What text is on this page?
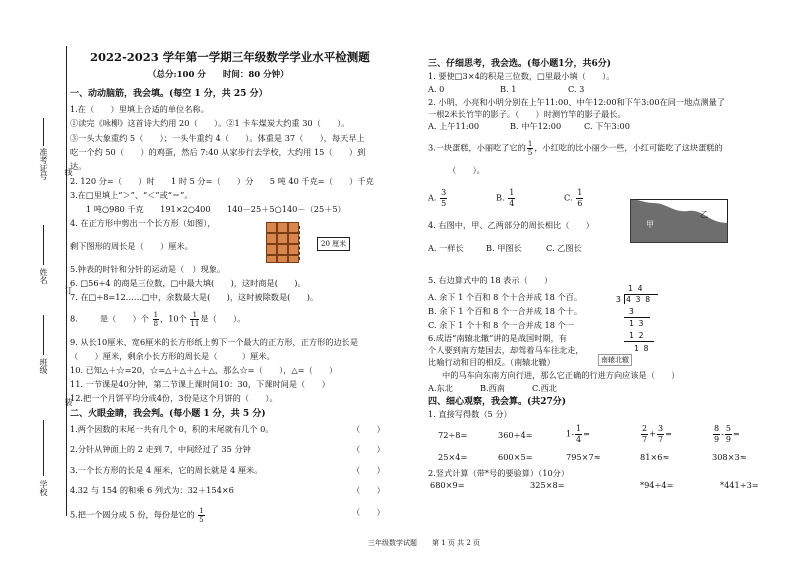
准考证号 线
姓名
订
班级
装
学校
2022-2023 学年第一学期三年级数学学业水平检测题
（总分:100 分　　时间：80 分钟）
一、动动脑筋，我会填。(每空 1 分，共 25 分）
1.在（　　）里填上合适的单位名称。
①读完《咏柳》这首诗大约用 20（　　）。②1 卡车煤炭大约重 30（　　）。
③一头大象重约 5（　　）；一头牛重约 4（　　）。体重是 37（　　），每天早上
吃一个约 50（　　）的鸡蛋，然后 7:40 从家步行去学校，大约用 15（　　）到
达。
2. 120 分=（　　）时　　1 时 5 分=（　　）分　　5 吨 40 千克=（　　）千克
3.在□里填上“＞”、“＜”或“＝”。
1 吨○980 千克　　191×2○400　　140－25＋5○140－（25＋5）
4. 在正方形中剪出一个长方形（如图），
剩下图形的周长是（　　）厘米。	20 厘米
5.钟表的时针和分针的运动是（　）现象。
6. □56÷4 的商是三位数，□中最大填(　　)，这时商是(　　)。
7. 在□÷8=12……□中，余数最大是(　　)，这时被除数是(　　)。
8.	是（　　）个 $\frac{1}{8}$ ，10个 $\frac{1}{11}$ 是（　　）。
9. 从长10厘米、宽6厘米的长方形纸上剪下一个最大的正方形，正方形的边长是
（　　）厘米，剩余小长方形的周长是（　　　）厘米。
10. 已知△＋☆=20，☆=△＋△＋△＋△，那么☆=（　　），△=（　　）
11. 一节课是40分钟，第二节课上课时间10：30，下课时间是（　　）
12.把一个月饼平均分成4份，3份是这个月饼的（　　）。
二、火眼金睛，我会判。(每小题 1 分，共 5 分)
1.两个因数的末尾一共有几个 0，积的末尾就有几个 0。	（　　）
2.分针从钟面上的 2 走到 7，中间经过了 35 分钟	（　　）
3.一个长方形的长是 4 厘米，它的周长就是 4 厘米。	（　　）
4.32 与 154 的和乘 6 列式为：32＋154×6	（　　）
5.把一个圆分成 5 份，每份是它的 $\frac{1}{5}$	（　　）
三、仔细思考，我会选。(每小题1分，共6分)
1. 要使□3×4的积是三位数，□里最小填（　　）。
A. 0	B. 1	C. 3
2. 小明，小亮和小明分别在上午11:00、中午12:00和下午3:00在同一地点测量了
一根2米长竹竿的影子。（　　）时测竹竿的影子最长。
A. 上午11:00	B. 中午12:00	C. 下午3:00
3.一块蛋糕，小丽吃了它的 $\frac{1}{5}$ ，小红吃的比小丽少一些，小红可能吃了这块蛋糕的
（　　）。
A. $\frac{3}{5}$	B. $\frac{1}{4}$	C. $\frac{1}{6}$
甲
乙
4. 右图中，甲、乙两部分的周长相比（　　）
A. 一样长	B. 甲图长	C. 乙图长
5. 右边算式中的 18 表示（　　）
A. 余下 1 个百和 8 个十合并成 18 个百。
B. 余下 1 个百和 8 个一合并成 18 个十。
C. 余下 1 个十和 8 个一合并成 18 个一
1 4
3 4 3 8
3
1 3
1 2
1 8
6.成语“南辕北辙”讲的是战国时期，有
个人要到南方楚国去，却驾着马车往北走，
比喻行动和目的相反。（南辕北辙）
中的马车向东南方向行进，那么它正确的行进方向应该是（　　）
南辕北辙
A.东北	B.西南	C.西北
四、细心观察，我会算。(共27分)
1. 直接写得数（5 分）
72÷8=	360÷4=	$1- \frac{1}{4}$ =	$\frac{2}{7} + \frac{3}{7}$ =	$\frac{8}{9} - \frac{5}{9}$ =
25×4=	600×5=	795×7≈	81×6≈	308×3≈
2.竖式计算（带*号的要验算）（10分）
680×9=	325×8=	*94÷4=	*441÷3=
三年级数学试题 第 1 页 共 2 页
